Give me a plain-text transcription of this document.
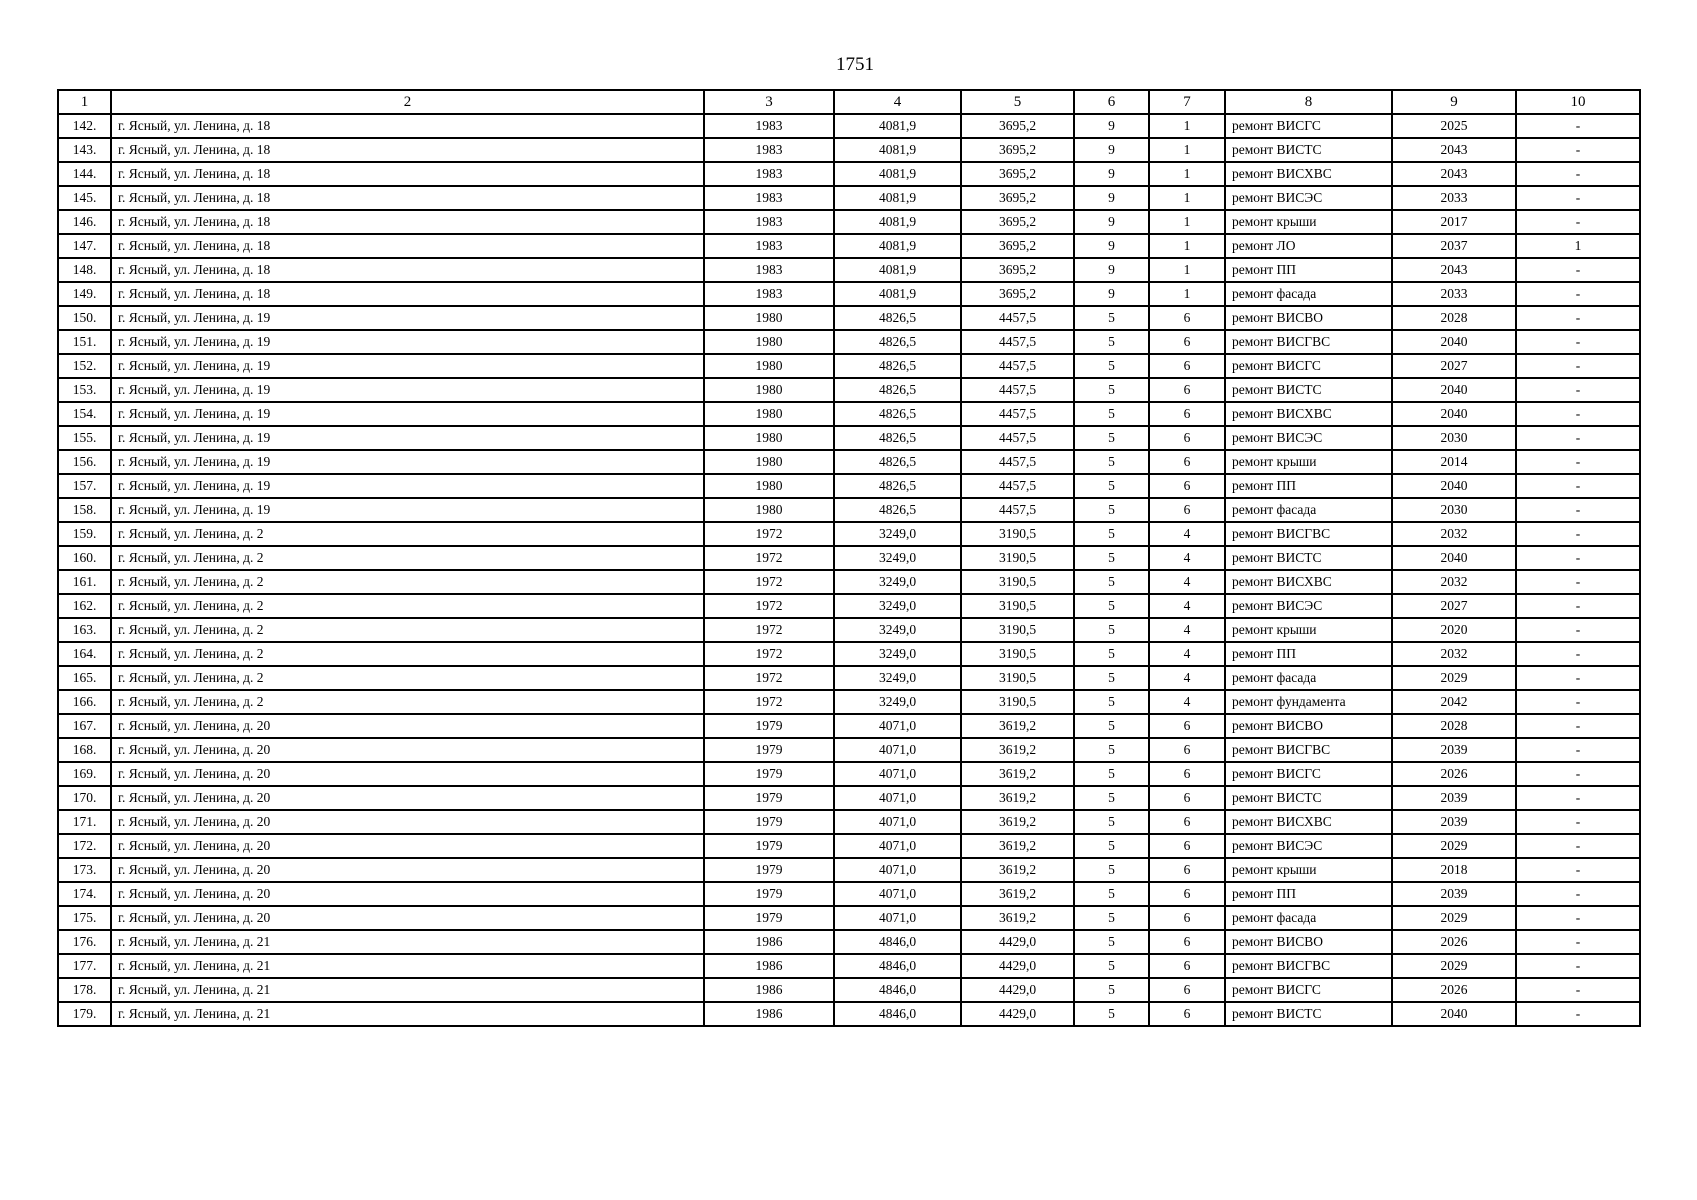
1751
1	2	3	4	5	6	7	8	9	10
142.	г. Ясный, ул. Ленина, д. 18	1983	4081,9	3695,2	9	1	ремонт ВИСГС	2025	-
143.	г. Ясный, ул. Ленина, д. 18	1983	4081,9	3695,2	9	1	ремонт ВИСТС	2043	-
144.	г. Ясный, ул. Ленина, д. 18	1983	4081,9	3695,2	9	1	ремонт ВИСХВС	2043	-
145.	г. Ясный, ул. Ленина, д. 18	1983	4081,9	3695,2	9	1	ремонт ВИСЭС	2033	-
146.	г. Ясный, ул. Ленина, д. 18	1983	4081,9	3695,2	9	1	ремонт крыши	2017	-
147.	г. Ясный, ул. Ленина, д. 18	1983	4081,9	3695,2	9	1	ремонт ЛО	2037	1
148.	г. Ясный, ул. Ленина, д. 18	1983	4081,9	3695,2	9	1	ремонт ПП	2043	-
149.	г. Ясный, ул. Ленина, д. 18	1983	4081,9	3695,2	9	1	ремонт фасада	2033	-
150.	г. Ясный, ул. Ленина, д. 19	1980	4826,5	4457,5	5	6	ремонт ВИСВО	2028	-
151.	г. Ясный, ул. Ленина, д. 19	1980	4826,5	4457,5	5	6	ремонт ВИСГВС	2040	-
152.	г. Ясный, ул. Ленина, д. 19	1980	4826,5	4457,5	5	6	ремонт ВИСГС	2027	-
153.	г. Ясный, ул. Ленина, д. 19	1980	4826,5	4457,5	5	6	ремонт ВИСТС	2040	-
154.	г. Ясный, ул. Ленина, д. 19	1980	4826,5	4457,5	5	6	ремонт ВИСХВС	2040	-
155.	г. Ясный, ул. Ленина, д. 19	1980	4826,5	4457,5	5	6	ремонт ВИСЭС	2030	-
156.	г. Ясный, ул. Ленина, д. 19	1980	4826,5	4457,5	5	6	ремонт крыши	2014	-
157.	г. Ясный, ул. Ленина, д. 19	1980	4826,5	4457,5	5	6	ремонт ПП	2040	-
158.	г. Ясный, ул. Ленина, д. 19	1980	4826,5	4457,5	5	6	ремонт фасада	2030	-
159.	г. Ясный, ул. Ленина, д. 2	1972	3249,0	3190,5	5	4	ремонт ВИСГВС	2032	-
160.	г. Ясный, ул. Ленина, д. 2	1972	3249,0	3190,5	5	4	ремонт ВИСТС	2040	-
161.	г. Ясный, ул. Ленина, д. 2	1972	3249,0	3190,5	5	4	ремонт ВИСХВС	2032	-
162.	г. Ясный, ул. Ленина, д. 2	1972	3249,0	3190,5	5	4	ремонт ВИСЭС	2027	-
163.	г. Ясный, ул. Ленина, д. 2	1972	3249,0	3190,5	5	4	ремонт крыши	2020	-
164.	г. Ясный, ул. Ленина, д. 2	1972	3249,0	3190,5	5	4	ремонт ПП	2032	-
165.	г. Ясный, ул. Ленина, д. 2	1972	3249,0	3190,5	5	4	ремонт фасада	2029	-
166.	г. Ясный, ул. Ленина, д. 2	1972	3249,0	3190,5	5	4	ремонт фундамента	2042	-
167.	г. Ясный, ул. Ленина, д. 20	1979	4071,0	3619,2	5	6	ремонт ВИСВО	2028	-
168.	г. Ясный, ул. Ленина, д. 20	1979	4071,0	3619,2	5	6	ремонт ВИСГВС	2039	-
169.	г. Ясный, ул. Ленина, д. 20	1979	4071,0	3619,2	5	6	ремонт ВИСГС	2026	-
170.	г. Ясный, ул. Ленина, д. 20	1979	4071,0	3619,2	5	6	ремонт ВИСТС	2039	-
171.	г. Ясный, ул. Ленина, д. 20	1979	4071,0	3619,2	5	6	ремонт ВИСХВС	2039	-
172.	г. Ясный, ул. Ленина, д. 20	1979	4071,0	3619,2	5	6	ремонт ВИСЭС	2029	-
173.	г. Ясный, ул. Ленина, д. 20	1979	4071,0	3619,2	5	6	ремонт крыши	2018	-
174.	г. Ясный, ул. Ленина, д. 20	1979	4071,0	3619,2	5	6	ремонт ПП	2039	-
175.	г. Ясный, ул. Ленина, д. 20	1979	4071,0	3619,2	5	6	ремонт фасада	2029	-
176.	г. Ясный, ул. Ленина, д. 21	1986	4846,0	4429,0	5	6	ремонт ВИСВО	2026	-
177.	г. Ясный, ул. Ленина, д. 21	1986	4846,0	4429,0	5	6	ремонт ВИСГВС	2029	-
178.	г. Ясный, ул. Ленина, д. 21	1986	4846,0	4429,0	5	6	ремонт ВИСГС	2026	-
179.	г. Ясный, ул. Ленина, д. 21	1986	4846,0	4429,0	5	6	ремонт ВИСТС	2040	-
